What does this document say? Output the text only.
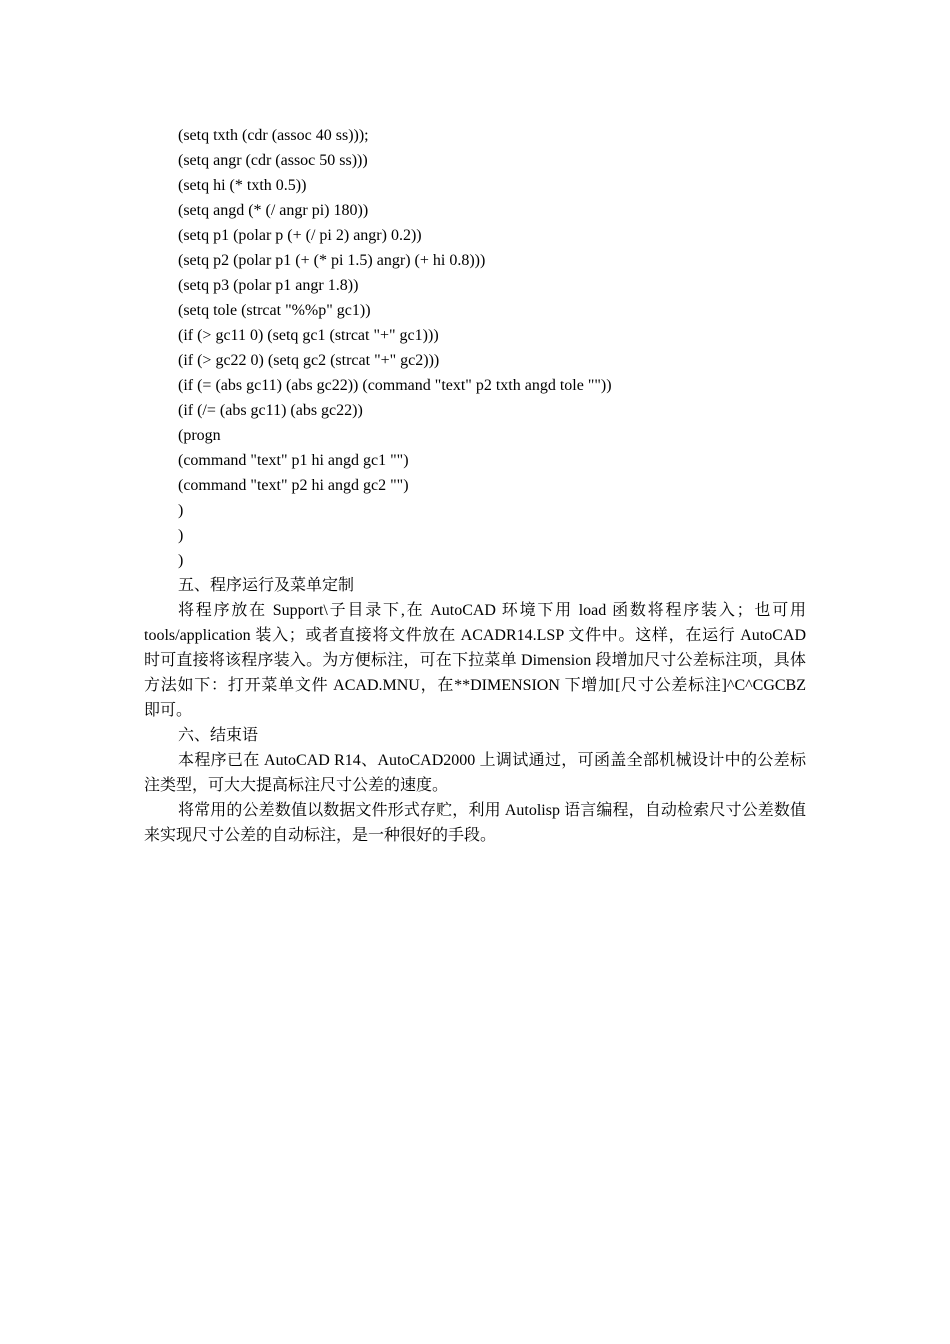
(setq txth (cdr (assoc 40 ss)));
(setq angr (cdr (assoc 50 ss)))
(setq hi (* txth 0.5))
(setq angd (* (/ angr pi) 180))
(setq p1 (polar p (+ (/ pi 2) angr) 0.2))
(setq p2 (polar p1 (+ (* pi 1.5) angr) (+ hi 0.8)))
(setq p3 (polar p1 angr 1.8))
(setq tole (strcat "%%p" gc1))
(if (> gc11 0) (setq gc1 (strcat "+" gc1)))
(if (> gc22 0) (setq gc2 (strcat "+" gc2)))
(if (= (abs gc11) (abs gc22)) (command "text" p2 txth angd tole ""))
(if (/= (abs gc11) (abs gc22))
(progn
(command "text" p1 hi angd gc1 "")
(command "text" p2 hi angd gc2 "")
)
)
)
五、程序运行及菜单定制

将程序放在 Support\子目录下,在 AutoCAD 环境下用 load 函数将程序装入；也可用 tools/application 装入；或者直接将文件放在 ACADR14.LSP 文件中。这样，在运行 AutoCAD 时可直接将该程序装入。为方便标注，可在下拉菜单 Dimension 段增加尺寸公差标注项，具体方法如下：打开菜单文件 ACAD.MNU，在**DIMENSION 下增加[尺寸公差标注]^C^CGCBZ 即可。

六、结束语

本程序已在 AutoCAD R14、AutoCAD2000 上调试通过，可函盖全部机械设计中的公差标注类型，可大大提高标注尺寸公差的速度。

将常用的公差数值以数据文件形式存贮，利用 Autolisp 语言编程，自动检索尺寸公差数值来实现尺寸公差的自动标注，是一种很好的手段。
